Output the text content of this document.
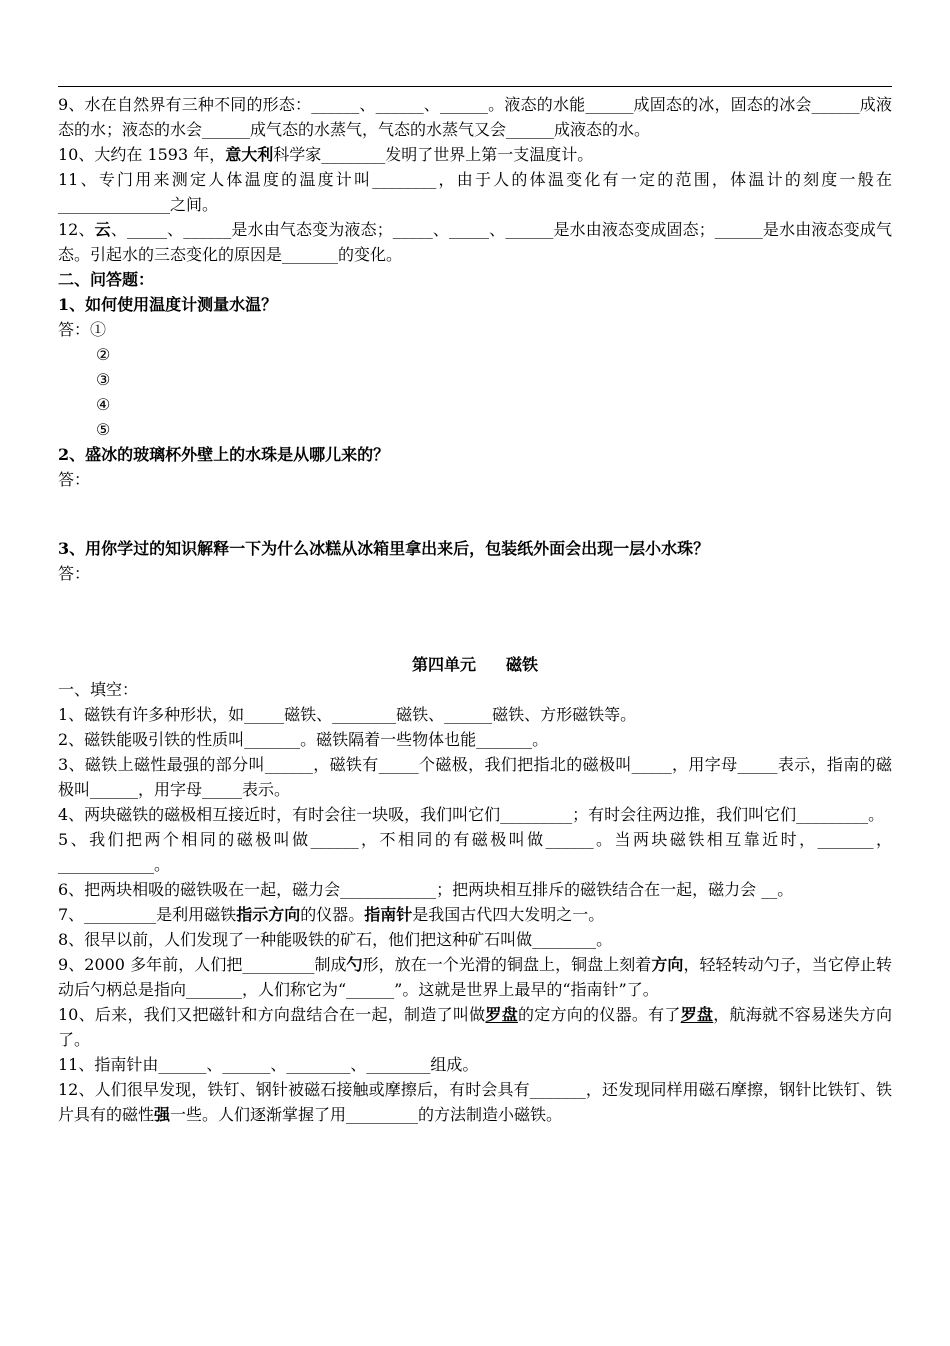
9、水在自然界有三种不同的形态：______、______、______。液态的水能______成固态的冰，固态的冰会______成液态的水；液态的水会______成气态的水蒸气，气态的水蒸气又会______成液态的水。

10、大约在 1593 年，意大利科学家________发明了世界上第一支温度计。

11、专门用来测定人体温度的温度计叫________，由于人的体温变化有一定的范围，体温计的刻度一般在______________之间。

12、云、_____、______是水由气态变为液态；_____、_____、______是水由液态变成固态；______是水由液态变成气态。引起水的三态变化的原因是_______的变化。

二、问答题：

1、如何使用温度计测量水温？

答：①

②

③

④

⑤

2、盛冰的玻璃杯外壁上的水珠是从哪儿来的？

答：

3、用你学过的知识解释一下为什么冰糕从冰箱里拿出来后，包装纸外面会出现一层小水珠？

答：

第四单元 磁铁

一、填空：

1、磁铁有许多种形状，如_____磁铁、________磁铁、______磁铁、方形磁铁等。

2、磁铁能吸引铁的性质叫_______。磁铁隔着一些物体也能_______。

3、磁铁上磁性最强的部分叫______，磁铁有_____个磁极，我们把指北的磁极叫_____，用字母_____表示，指南的磁极叫______，用字母_____表示。

4、两块磁铁的磁极相互接近时，有时会往一块吸，我们叫它们_________；有时会往两边推，我们叫它们_________。

5、我们把两个相同的磁极叫做______，不相同的有磁极叫做______。当两块磁铁相互靠近时，_______，____________。

6、把两块相吸的磁铁吸在一起，磁力会____________；把两块相互排斥的磁铁结合在一起，磁力会 __。

7、_________是利用磁铁指示方向的仪器。指南针是我国古代四大发明之一。

8、很早以前，人们发现了一种能吸铁的矿石，他们把这种矿石叫做________。

9、2000 多年前，人们把_________制成勺形，放在一个光滑的铜盘上，铜盘上刻着方向，轻轻转动勺子，当它停止转动后勺柄总是指向_______，人们称它为“______”。这就是世界上最早的“指南针”了。

10、后来，我们又把磁针和方向盘结合在一起，制造了叫做罗盘的定方向的仪器。有了罗盘，航海就不容易迷失方向了。

11、指南针由______、______、________、________组成。

12、人们很早发现，铁钉、钢针被磁石接触或摩擦后，有时会具有_______，还发现同样用磁石摩擦，钢针比铁钉、铁片具有的磁性强一些。人们逐渐掌握了用_________的方法制造小磁铁。
